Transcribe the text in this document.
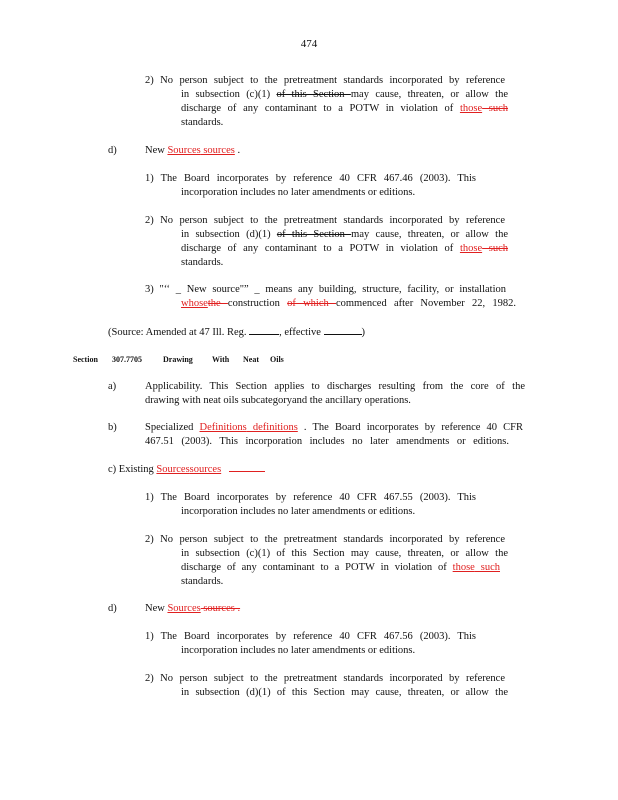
474
2) No person subject to the pretreatment standards incorporated by reference
in subsection (c)(1) of this Section may cause, threaten, or allow the
discharge of any contaminant to a POTW in violation of those such
standards.
d)	New Sources sources .
1) The Board incorporates by reference 40 CFR 467.46 (2003). This
incorporation includes no later amendments or editions.
2) No person subject to the pretreatment standards incorporated by reference
in subsection (d)(1) of this Section may cause, threaten, or allow the
discharge of any contaminant to a POTW in violation of those such
standards.
3) "‘‘ _ New source"” _ means any building, structure, facility, or installation
whosethe construction of which commenced after November 22, 1982.
(Source: Amended at 47 Ill. Reg.	, effective	)
Section 307.7705	Drawing With Neat Oils
a)	Applicability. This Section applies to discharges resulting from the core of the
drawing with neat oils subcategoryand the ancillary operations.
b)	Specialized Definitions definitions . The Board incorporates by reference 40 CFR
467.51 (2003). This incorporation includes no later amendments or editions.
c) Existing Sourcessources
1) The Board incorporates by reference 40 CFR 467.55 (2003). This
incorporation includes no later amendments or editions.
2) No person subject to the pretreatment standards incorporated by reference
in subsection (c)(1) of this Section may cause, threaten, or allow the
discharge of any contaminant to a POTW in violation of those such
standards.
d)	New Sources sources .
1) The Board incorporates by reference 40 CFR 467.56 (2003). This
incorporation includes no later amendments or editions.
2) No person subject to the pretreatment standards incorporated by reference
in subsection (d)(1) of this Section may cause, threaten, or allow the
